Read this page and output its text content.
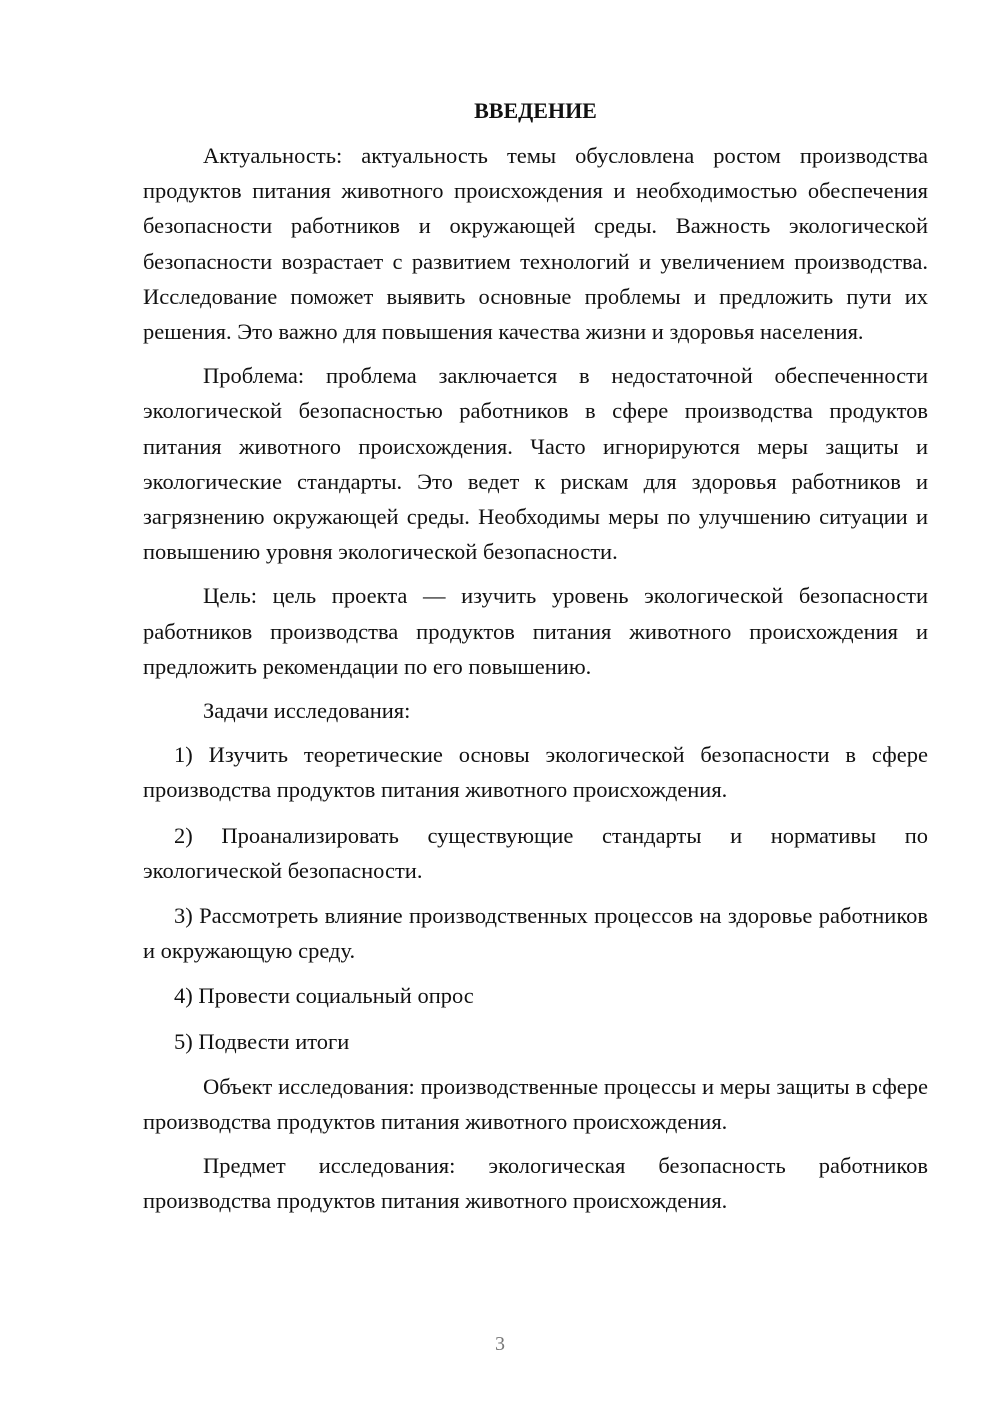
ВВЕДЕНИЕ

Актуальность: актуальность темы обусловлена ростом производства продуктов питания животного происхождения и необходимостью обеспечения безопасности работников и окружающей среды. Важность экологической безопасности возрастает с развитием технологий и увеличением производства. Исследование поможет выявить основные проблемы и предложить пути их решения. Это важно для повышения качества жизни и здоровья населения.

Проблема: проблема заключается в недостаточной обеспеченности экологической безопасностью работников в сфере производства продуктов питания животного происхождения. Часто игнорируются меры защиты и экологические стандарты. Это ведет к рискам для здоровья работников и загрязнению окружающей среды. Необходимы меры по улучшению ситуации и повышению уровня экологической безопасности.

Цель: цель проекта — изучить уровень экологической безопасности работников производства продуктов питания животного происхождения и предложить рекомендации по его повышению.

Задачи исследования:

1) Изучить теоретические основы экологической безопасности в сфере производства продуктов питания животного происхождения.

2) Проанализировать существующие стандарты и нормативы по экологической безопасности.

3) Рассмотреть влияние производственных процессов на здоровье работников и окружающую среду.

4) Провести социальный опрос

5) Подвести итоги

Объект исследования: производственные процессы и меры защиты в сфере производства продуктов питания животного происхождения.

Предмет исследования: экологическая безопасность работников производства продуктов питания животного происхождения.

3
